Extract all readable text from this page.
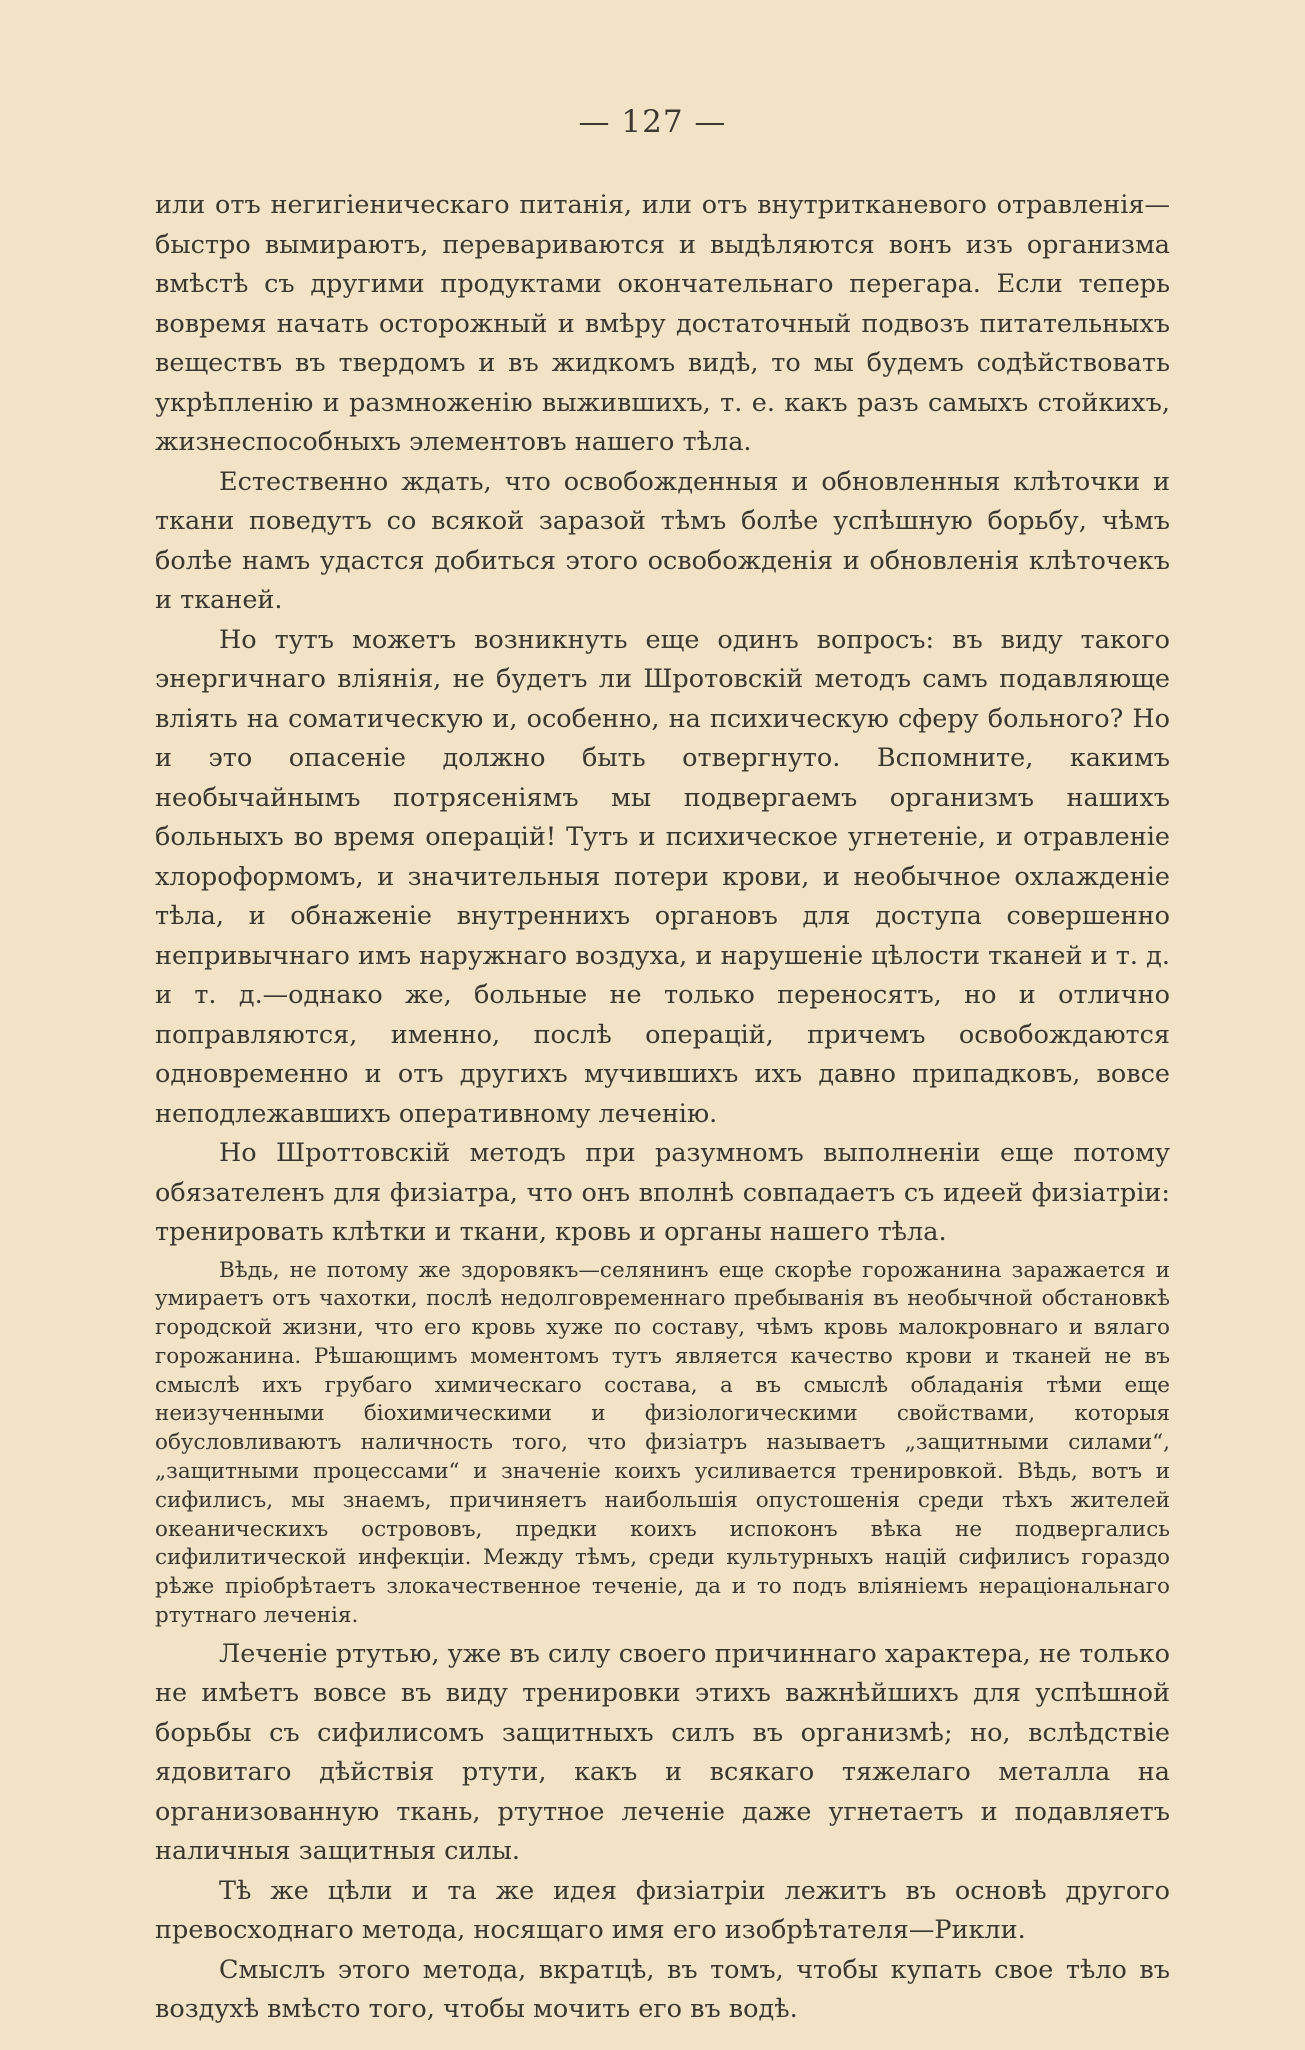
— 127 —

или отъ негигіеническаго питанія, или отъ внутритканевого отравленія—быстро вымираютъ, перевариваются и выдѣляются вонъ изъ организма вмѣстѣ съ другими продуктами окончательнаго перегара. Если теперь вовремя начать осторожный и вмѣру достаточный подвозъ питательныхъ веществъ въ твердомъ и въ жидкомъ видѣ, то мы будемъ содѣйствовать укрѣпленію и размноженію выжившихъ, т. е. какъ разъ самыхъ стойкихъ, жизнеспособныхъ элементовъ нашего тѣла.

Естественно ждать, что освобожденныя и обновленныя клѣточки и ткани поведутъ со всякой заразой тѣмъ болѣе успѣшную борьбу, чѣмъ болѣе намъ удастся добиться этого освобожденія и обновленія клѣточекъ и тканей.

Но тутъ можетъ возникнуть еще одинъ вопросъ: въ виду такого энергичнаго вліянія, не будетъ ли Шротовскій методъ самъ подавляюще вліять на соматическую и, особенно, на психическую сферу больного? Но и это опасеніе должно быть отвергнуто. Вспомните, какимъ необычайнымъ потрясеніямъ мы подвергаемъ организмъ нашихъ больныхъ во время операцій! Тутъ и психическое угнетеніе, и отравленіе хлороформомъ, и значительныя потери крови, и необычное охлажденіе тѣла, и обнаженіе внутреннихъ органовъ для доступа совершенно непривычнаго имъ наружнаго воздуха, и нарушеніе цѣлости тканей и т. д. и т. д.—однако же, больные не только переносятъ, но и отлично поправляются, именно, послѣ операцій, причемъ освобождаются одновременно и отъ другихъ мучившихъ ихъ давно припадковъ, вовсе неподлежавшихъ оперативному леченію.

Но Шроттовскій методъ при разумномъ выполненіи еще потому обязателенъ для физіатра, что онъ вполнѣ совпадаетъ съ идеей физіатріи: тренировать клѣтки и ткани, кровь и органы нашего тѣла.

Вѣдь, не потому же здоровякъ—селянинъ еще скорѣе горожанина заражается и умираетъ отъ чахотки, послѣ недолговременнаго пребыванія въ необычной обстановкѣ городской жизни, что его кровь хуже по составу, чѣмъ кровь малокровнаго и вялаго горожанина. Рѣшающимъ моментомъ тутъ является качество крови и тканей не въ смыслѣ ихъ грубаго химическаго состава, а въ смыслѣ обладанія тѣми еще неизученными біохимическими и физіологическими свойствами, которыя обусловливаютъ наличность того, что физіатръ называетъ „защитными силами“, „защитными процессами“ и значеніе коихъ усиливается тренировкой. Вѣдь, вотъ и сифилисъ, мы знаемъ, причиняетъ наибольшія опустошенія среди тѣхъ жителей океаническихъ острововъ, предки коихъ испоконъ вѣка не подвергались сифилитической инфекціи. Между тѣмъ, среди культурныхъ націй сифилисъ гораздо рѣже пріобрѣтаетъ злокачественное теченіе, да и то подъ вліяніемъ нераціональнаго ртутнаго леченія.

Леченіе ртутью, уже въ силу своего причиннаго характера, не только не имѣетъ вовсе въ виду тренировки этихъ важнѣйшихъ для успѣшной борьбы съ сифилисомъ защитныхъ силъ въ организмѣ; но, вслѣдствіе ядовитаго дѣйствія ртути, какъ и всякаго тяжелаго металла на организованную ткань, ртутное леченіе даже угнетаетъ и подавляетъ наличныя защитныя силы.

Тѣ же цѣли и та же идея физіатріи лежитъ въ основѣ другого превосходнаго метода, носящаго имя его изобрѣтателя—Рикли.

Смыслъ этого метода, вкратцѣ, въ томъ, чтобы купать свое тѣло въ воздухѣ вмѣсто того, чтобы мочить его въ водѣ.
